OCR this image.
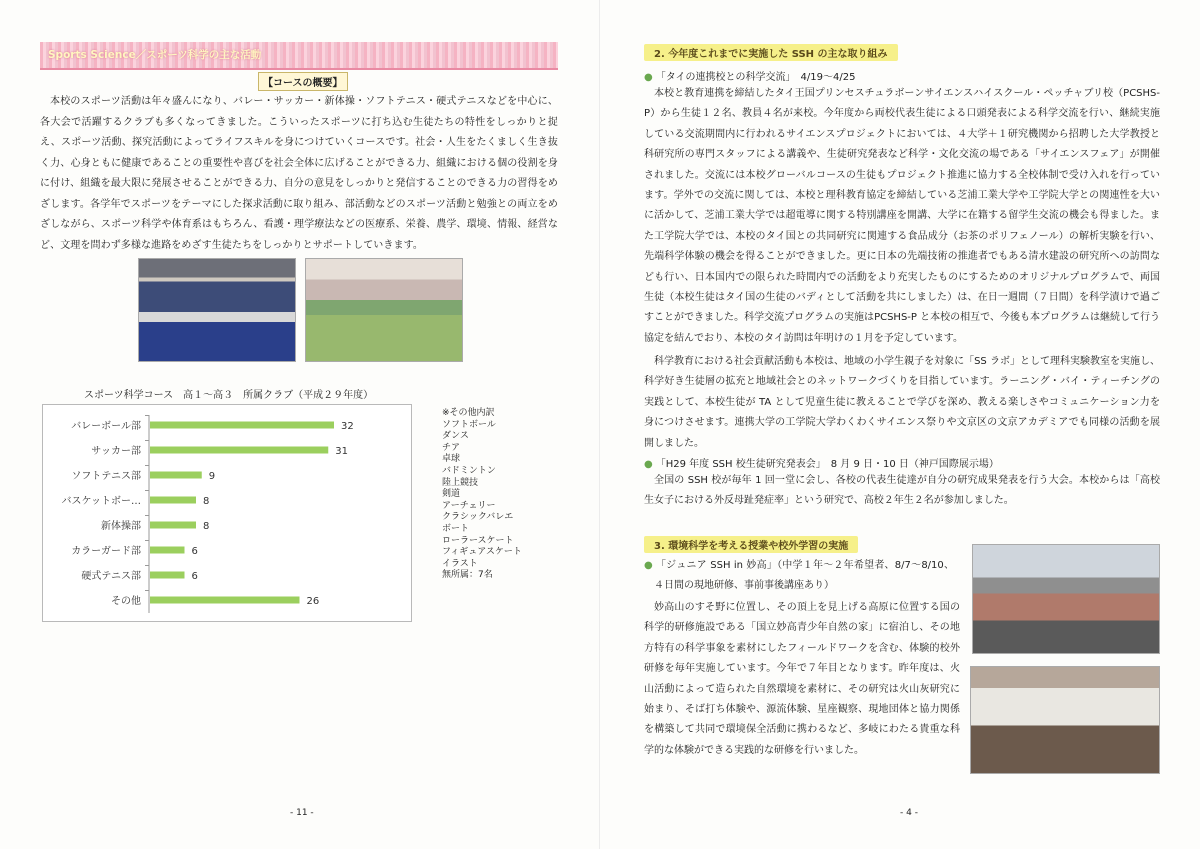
Sports Science／スポーツ科学の主な活動
【コースの概要】
本校のスポーツ活動は年々盛んになり、バレー・サッカー・新体操・ソフトテニス・硬式テニスなどを中心に、各大会で活躍するクラブも多くなってきました。こういったスポーツに打ち込む生徒たちの特性をしっかりと捉え、スポーツ活動、探究活動によってライフスキルを身につけていくコースです。社会・人生をたくましく生き抜く力、心身ともに健康であることの重要性や喜びを社会全体に広げることができる力、組織における個の役割を身に付け、組織を最大限に発展させることができる力、自分の意見をしっかりと発信することのできる力の習得をめざします。各学年でスポーツをテーマにした探求活動に取り組み、部活動などのスポーツ活動と勉強との両立をめざしながら、スポーツ科学や体育系はもちろん、看護・理学療法などの医療系、栄養、農学、環境、情報、経営など、文理を問わず多様な進路をめざす生徒たちをしっかりとサポートしていきます。
スポーツ科学コース　高１〜高３　所属クラブ（平成２９年度）
バレーボール部	32
サッカー部	31
ソフトテニス部	9
バスケットボー…	8
新体操部	8
カラーガード部	6
硬式テニス部	6
その他	26
※その他内訳
ソフトボール
ダンス
チア
卓球
バドミントン
陸上競技
剣道
アーチェリー
クラシックバレエ
ボート
ローラースケート
フィギュアスケート
イラスト
無所属：7名
- 11 -
2. 今年度これまでに実施した SSH の主な取り組み
● 「タイの連携校との科学交流」　4/19〜4/25
本校と教育連携を締結したタイ王国プリンセスチュラボーンサイエンスハイスクール・ペッチャブリ校（PCSHS-P）から生徒１２名、教員４名が来校。今年度から両校代表生徒による口頭発表による科学交流を行い、継続実施している交流期間内に行われるサイエンスプロジェクトにおいては、４大学＋１研究機関から招聘した大学教授と科研究所の専門スタッフによる講義や、生徒研究発表など科学・文化交流の場である「サイエンスフェア」が開催されました。交流には本校グローバルコースの生徒もプロジェクト推進に協力する全校体制で受け入れを行っています。学外での交流に関しては、本校と理科教育協定を締結している芝浦工業大学や工学院大学との関連性を大いに活かして、芝浦工業大学では超電導に関する特別講座を開講、大学に在籍する留学生交流の機会も得ました。また工学院大学では、本校のタイ国との共同研究に関連する食品成分（お茶のポリフェノール）の解析実験を行い、先端科学体験の機会を得ることができました。更に日本の先端技術の推進者でもある清水建設の研究所への訪問なども行い、日本国内での限られた時間内での活動をより充実したものにするためのオリジナルプログラムで、両国生徒（本校生徒はタイ国の生徒のバディとして活動を共にしました）は、在日一週間（７日間）を科学漬けで過ごすことができました。科学交流プログラムの実施はPCSHS-P と本校の相互で、今後も本プログラムは継続して行う協定を結んでおり、本校のタイ訪問は年明けの１月を予定しています。
科学教育における社会貢献活動も本校は、地域の小学生親子を対象に「SS ラボ」として理科実験教室を実施し、科学好き生徒層の拡充と地域社会とのネットワークづくりを目指しています。ラーニング・バイ・ティーチングの実践として、本校生徒が TA として児童生徒に教えることで学びを深め、教える楽しさやコミュニケーション力を身につけさせます。連携大学の工学院大学わくわくサイエンス祭りや文京区の文京アカデミアでも同様の活動を展開しました。
● 「H29 年度 SSH 校生徒研究発表会」　8 月 9 日・10 日（神戸国際展示場）
全国の SSH 校が毎年 1 回一堂に会し、各校の代表生徒達が自分の研究成果発表を行う大会。本校からは「高校生女子における外反母趾発症率」という研究で、高校２年生２名が参加しました。
3. 環境科学を考える授業や校外学習の実施
● 「ジュニア SSH in 妙高」（中学１年〜２年希望者、8/7〜8/10、４日間の現地研修、事前事後講座あり）
妙高山のすそ野に位置し、その頂上を見上げる高原に位置する国の科学的研修施設である「国立妙高青少年自然の家」に宿泊し、その地方特有の科学事象を素材にしたフィールドワークを含む、体験的校外研修を毎年実施しています。今年で７年目となります。昨年度は、火山活動によって造られた自然環境を素材に、その研究は火山灰研究に始まり、そば打ち体験や、源流体験、星座観察、現地団体と協力関係を構築して共同で環境保全活動に携わるなど、多岐にわたる貴重な科学的な体験ができる実践的な研修を行いました。
- 4 -
